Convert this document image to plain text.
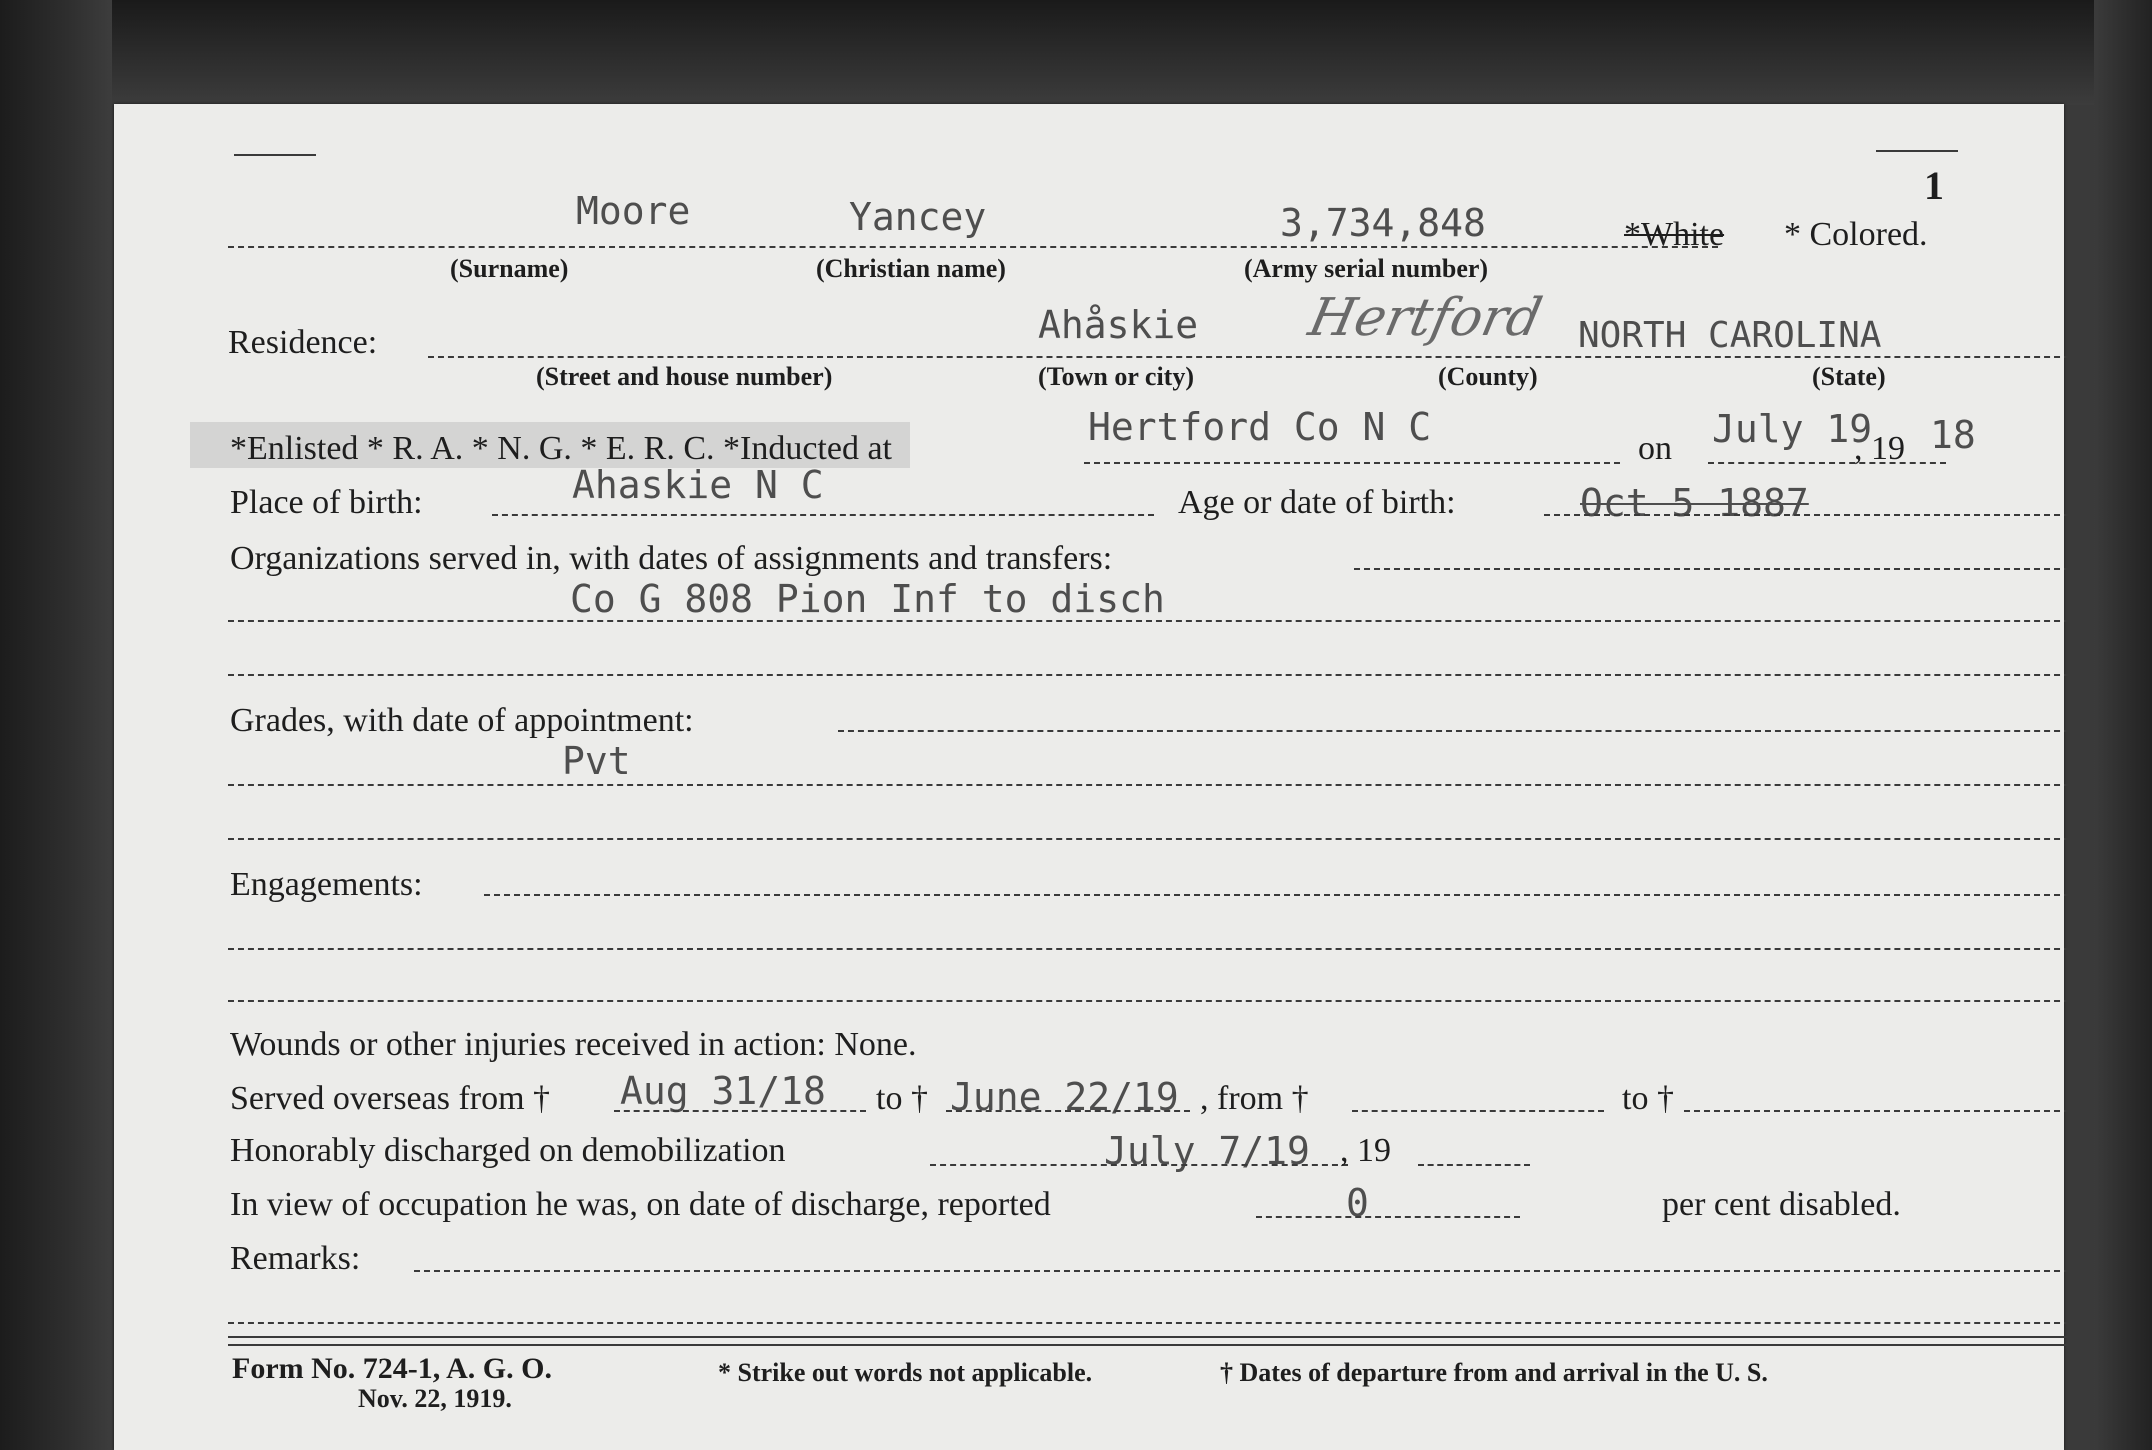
1
Moore	Yancey	3,734,848	*White * Colored.
(Surname)	(Christian name)	(Army serial number)
Residence:	Ahåskie Hertford NORTH CAROLINA
(Street and house number)	(Town or city)	(County)	(State)
*Enlisted * R. A. * N. G. * E. R. C. *Inducted at	Hertford Co N C	on July 19
, 19 18
Place of birth:	Ahaskie N C	Age or date of birth:	Oct 5 1887
Organizations served in, with dates of assignments and transfers:
Co G 808 Pion Inf to disch
Grades, with date of appointment:
Pvt
Engagements:
Wounds or other injuries received in action: None.
Served overseas from † Aug 31/18 to † June 22/19 , from †	to †
Honorably discharged on demobilization	July 7/19 , 19
In view of occupation he was, on date of discharge, reported	0	per cent disabled.
Remarks:
Form No. 724-1, A. G. O.
Nov. 22, 1919.
* Strike out words not applicable.	† Dates of departure from and arrival in the U. S.
